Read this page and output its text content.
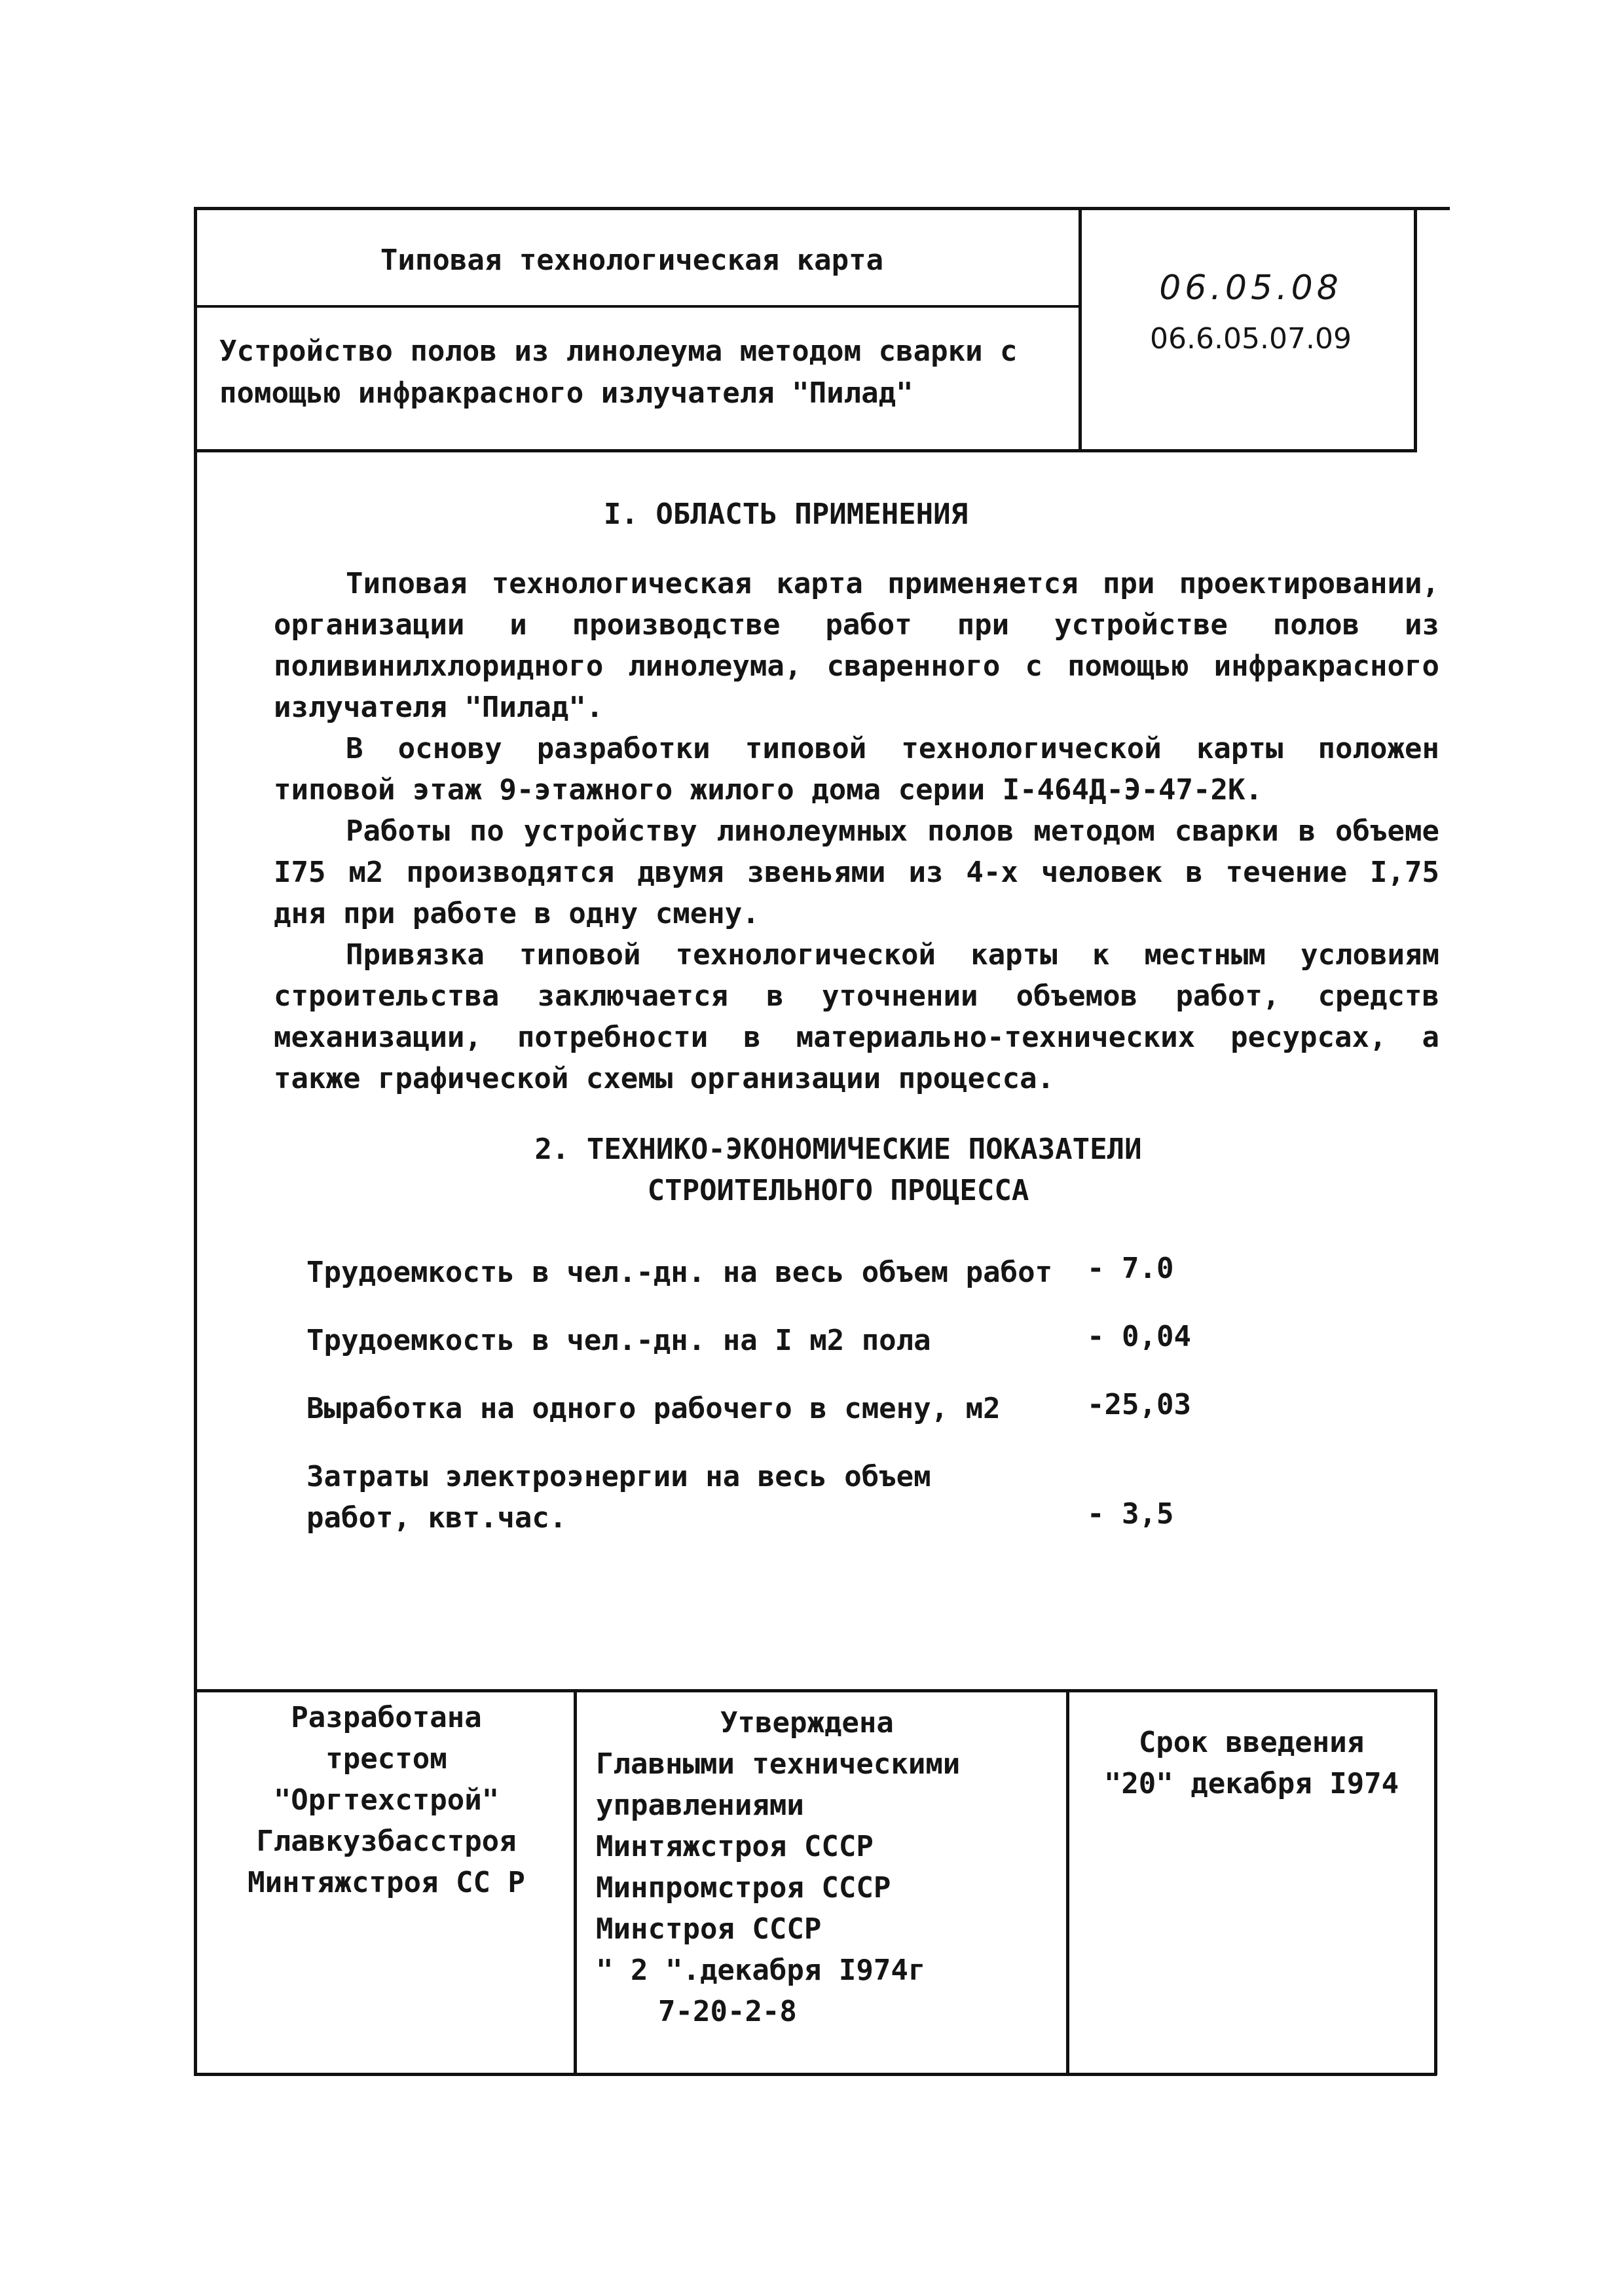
Типовая технологическая карта
Устройство полов из линолеума методом сварки с
помощью инфракрасного излучателя "Пилад"
06.05.08
06.6.05.07.09
I. ОБЛАСТЬ ПРИМЕНЕНИЯ
Типовая технологическая карта применяется при проектировании, организации и производстве работ при устройстве полов из поливинилхлоридного линолеума, сваренного с помощью инфракрасного излучателя "Пилад".
В основу разработки типовой технологической карты положен типовой этаж 9-этажного жилого дома серии I-464Д-Э-47-2К.
Работы по устройству линолеумных полов методом сварки в объеме I75 м2 производятся двумя звеньями из 4-х человек в течение I,75 дня при работе в одну смену.
Привязка типовой технологической карты к местным условиям строительства заключается в уточнении объемов работ, средств механизации, потребности в материально-технических ресурсах, а также графической схемы организации процесса.
2. ТЕХНИКО-ЭКОНОМИЧЕСКИЕ ПОКАЗАТЕЛИ
СТРОИТЕЛЬНОГО ПРОЦЕССА
Трудоемкость в чел.-дн. на весь объем работ - 7.0
Трудоемкость в чел.-дн. на I м2 пола	- 0,04
Выработка на одного рабочего в смену, м2	-25,03
Затраты электроэнергии на весь объем
работ, квт.час.	- 3,5
Разработана
трестом
"Оргтехстрой"
Главкузбасстроя
Минтяжстроя СС Р
Утверждена
Главными техническими
управлениями
Минтяжстроя СССР
Минпромстроя СССР
Минстроя СССР
" 2 ".декабря I974г
7-20-2-8
Срок введения
"20" декабря I974
